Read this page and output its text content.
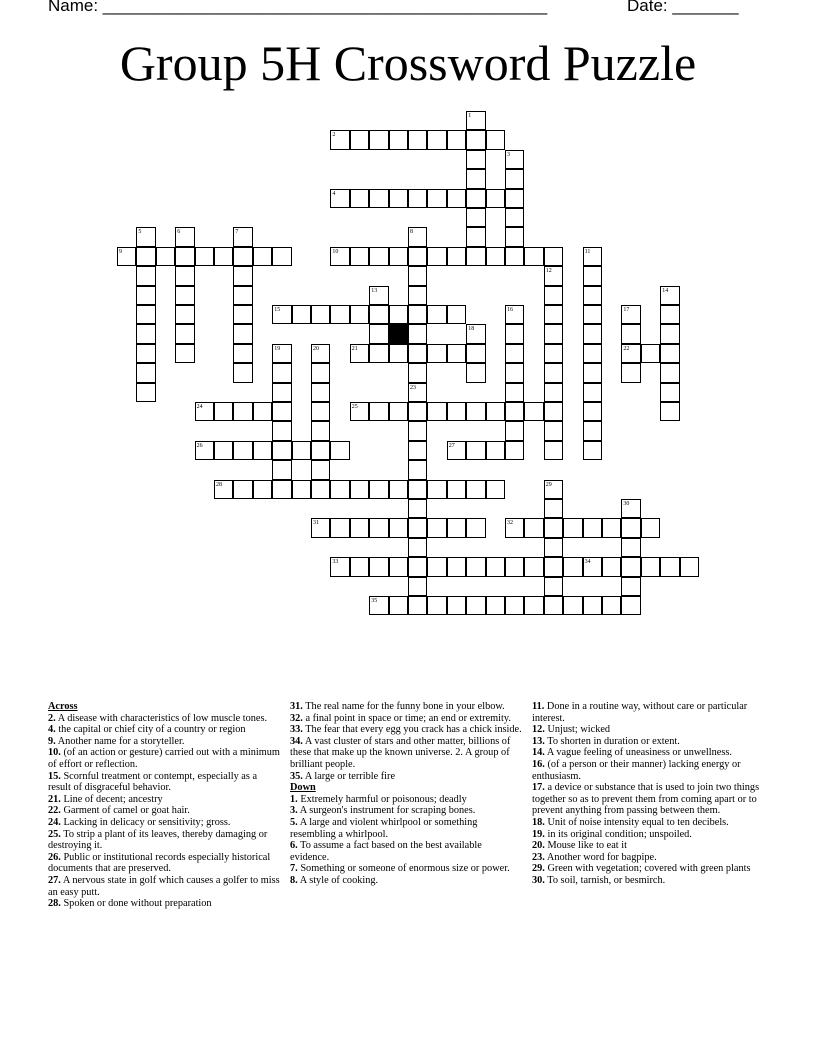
Name: _______________________________________________	Date: _______
Group 5H Crossword Puzzle
1
2
3
4
5	6	7	8
9	10	11
12
13	14
15	16	17
18
19	20	21	22
23
24	25
26	27
28	29
30
31	32
33	34
35
Across
2. A disease with characteristics of low muscle tones.
4. the capital or chief city of a country or region
9. Another name for a storyteller.
10. (of an action or gesture) carried out with a minimum of effort or reflection.
15. Scornful treatment or contempt, especially as a result of disgraceful behavior.
21. Line of decent; ancestry
22. Garment of camel or goat hair.
24. Lacking in delicacy or sensitivity; gross.
25. To strip a plant of its leaves, thereby damaging or destroying it.
26. Public or institutional records especially historical documents that are preserved.
27. A nervous state in golf which causes a golfer to miss an easy putt.
28. Spoken or done without preparation
31. The real name for the funny bone in your elbow.
32. a final point in space or time; an end or extremity.
33. The fear that every egg you crack has a chick inside.
34. A vast cluster of stars and other matter, billions of these that make up the known universe. 2. A group of brilliant people.
35. A large or terrible fire
Down
1. Extremely harmful or poisonous; deadly
3. A surgeon's instrument for scraping bones.
5. A large and violent whirlpool or something resembling a whirlpool.
6. To assume a fact based on the best available evidence.
7. Something or someone of enormous size or power.
8. A style of cooking.
11. Done in a routine way, without care or particular interest.
12. Unjust; wicked
13. To shorten in duration or extent.
14. A vague feeling of uneasiness or unwellness.
16. (of a person or their manner) lacking energy or enthusiasm.
17. a device or substance that is used to join two things together so as to prevent them from coming apart or to prevent anything from passing between them.
18. Unit of noise intensity equal to ten decibels.
19. in its original condition; unspoiled.
20. Mouse like to eat it
23. Another word for bagpipe.
29. Green with vegetation; covered with green plants
30. To soil, tarnish, or besmirch.
